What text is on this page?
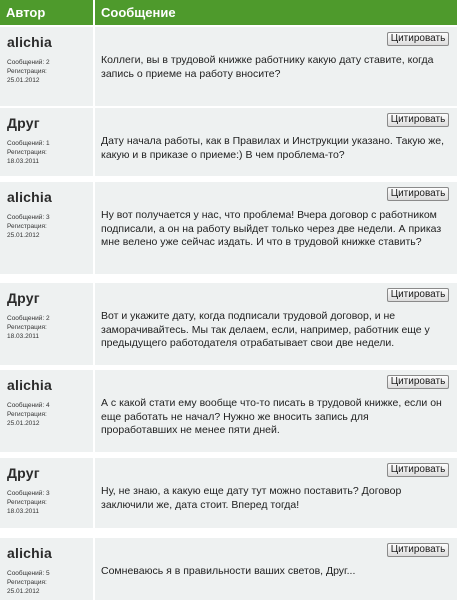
Автор	Сообщение
alichia
Сообщений: 2
Регистрация:
25.01.2012
Цитировать
Коллеги, вы в трудовой книжке работнику какую дату ставите, когда запись о приеме на работу вносите?
Друг
Сообщений: 1
Регистрация:
18.03.2011
Цитировать
Дату начала работы, как в Правилах и Инструкции указано. Такую же, какую и в приказе о приеме:) В чем проблема-то?
alichia
Сообщений: 3
Регистрация:
25.01.2012
Цитировать
Ну вот получается у нас, что проблема! Вчера договор с работником подписали, а он на работу выйдет только через две недели. А приказ мне велено уже сейчас издать. И что в трудовой книжке ставить?
Друг
Сообщений: 2
Регистрация:
18.03.2011
Цитировать
Вот и укажите дату, когда подписали трудовой договор, и не заморачивайтесь. Мы так делаем, если, например, работник еще у предыдущего работодателя отрабатывает свои две недели.
alichia
Сообщений: 4
Регистрация:
25.01.2012
Цитировать
А с какой стати ему вообще что-то писать в трудовой книжке, если он еще работать не начал? Нужно же вносить запись для проработавших не менее пяти дней.
Друг
Сообщений: 3
Регистрация:
18.03.2011
Цитировать
Ну, не знаю, а какую еще дату тут можно поставить? Договор заключили же, дата стоит. Вперед тогда!
alichia
Сообщений: 5
Регистрация:
25.01.2012
Цитировать
Сомневаюсь я в правильности ваших светов, Друг...
